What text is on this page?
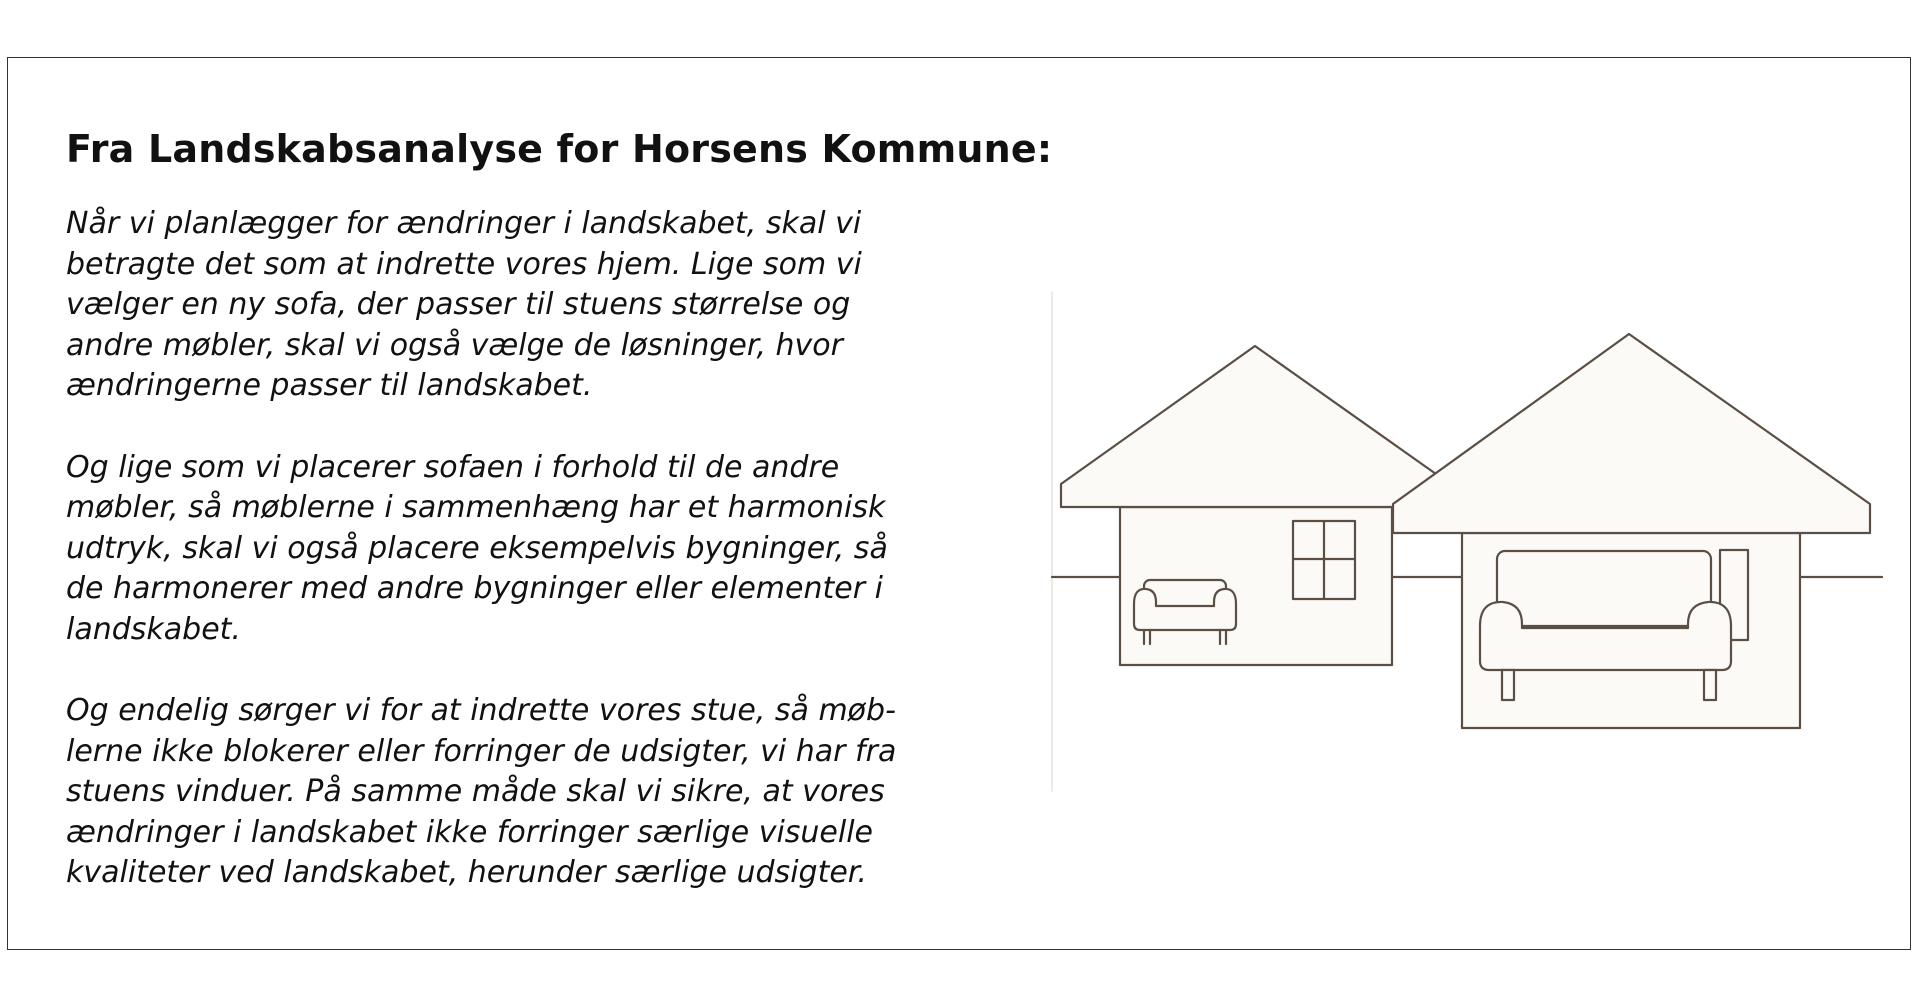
Fra Landskabsanalyse for Horsens Kommune:

Når vi planlægger for ændringer i landskabet, skal vi
betragte det som at indrette vores hjem. Lige som vi
vælger en ny sofa, der passer til stuens størrelse og
andre møbler, skal vi også vælge de løsninger, hvor
ændringerne passer til landskabet.

Og lige som vi placerer sofaen i forhold til de andre
møbler, så møblerne i sammenhæng har et harmonisk
udtryk, skal vi også placere eksempelvis bygninger, så
de harmonerer med andre bygninger eller elementer i
landskabet.

Og endelig sørger vi for at indrette vores stue, så møb-
lerne ikke blokerer eller forringer de udsigter, vi har fra
stuens vinduer. På samme måde skal vi sikre, at vores
ændringer i landskabet ikke forringer særlige visuelle
kvaliteter ved landskabet, herunder særlige udsigter.
